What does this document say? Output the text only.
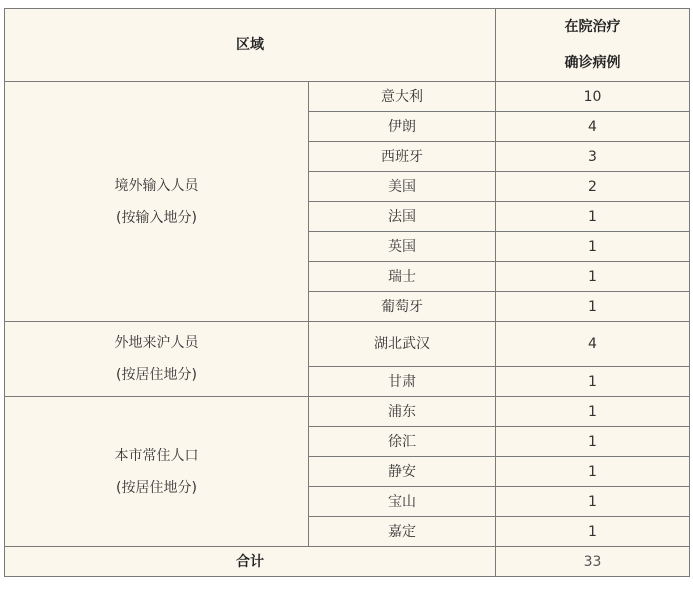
区域		在院治疗
确诊病例

境外输入人员
(按输入地分)	意大利	10
	伊朗	4
	西班牙	3
	美国	2
	法国	1
	英国	1
	瑞士	1
	葡萄牙	1

外地来沪人员
(按居住地分)	湖北武汉	4
	甘肃	1

本市常住人口
(按居住地分)	浦东	1
	徐汇	1
	静安	1
	宝山	1
	嘉定	1
合计		33
